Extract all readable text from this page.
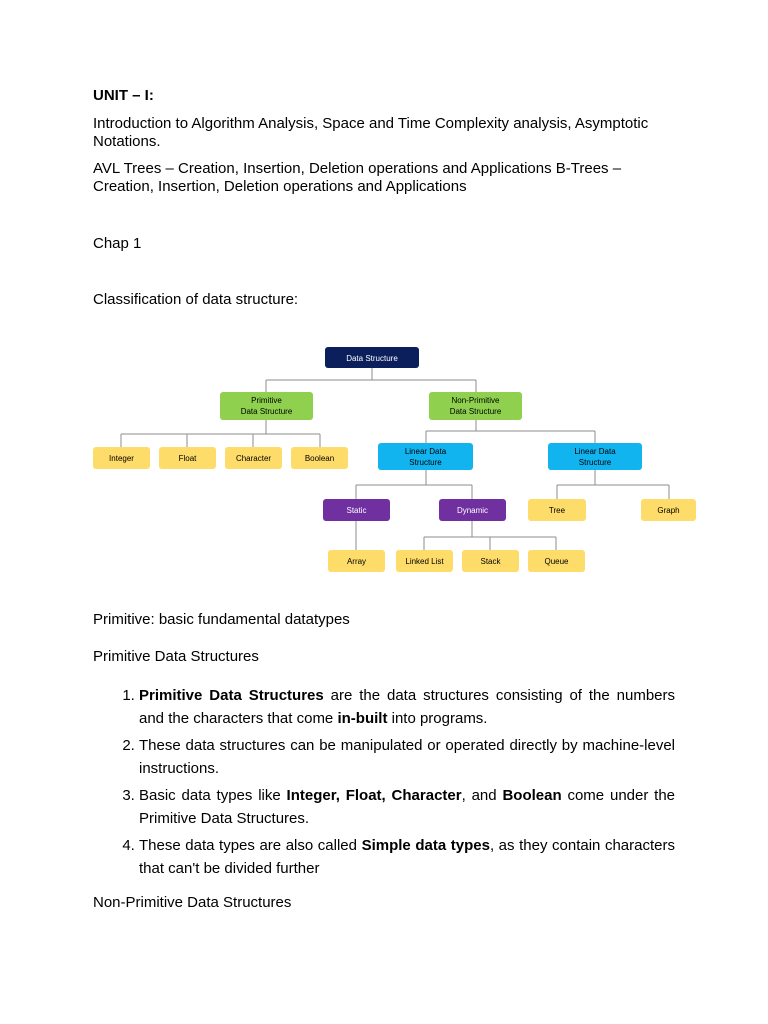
UNIT – I:

Introduction to Algorithm Analysis, Space and Time Complexity analysis, Asymptotic Notations.

AVL Trees – Creation, Insertion, Deletion operations and Applications B-Trees – Creation, Insertion, Deletion operations and Applications

Chap 1

Classification of data structure:

Data Structure
Primitive
Data Structure
Non-Primitive
Data Structure
Integer	Float	Character	Boolean
Linear Data
Structure
Linear Data
Structure
Static	Dynamic	Tree	Graph
Array	Linked List	Stack	Queue

Primitive: basic fundamental datatypes

Primitive Data Structures

1. Primitive Data Structures are the data structures consisting of the numbers and the characters that come in-built into programs.
2. These data structures can be manipulated or operated directly by machine-level instructions.
3. Basic data types like Integer, Float, Character, and Boolean come under the Primitive Data Structures.
4. These data types are also called Simple data types, as they contain characters that can't be divided further

Non-Primitive Data Structures
